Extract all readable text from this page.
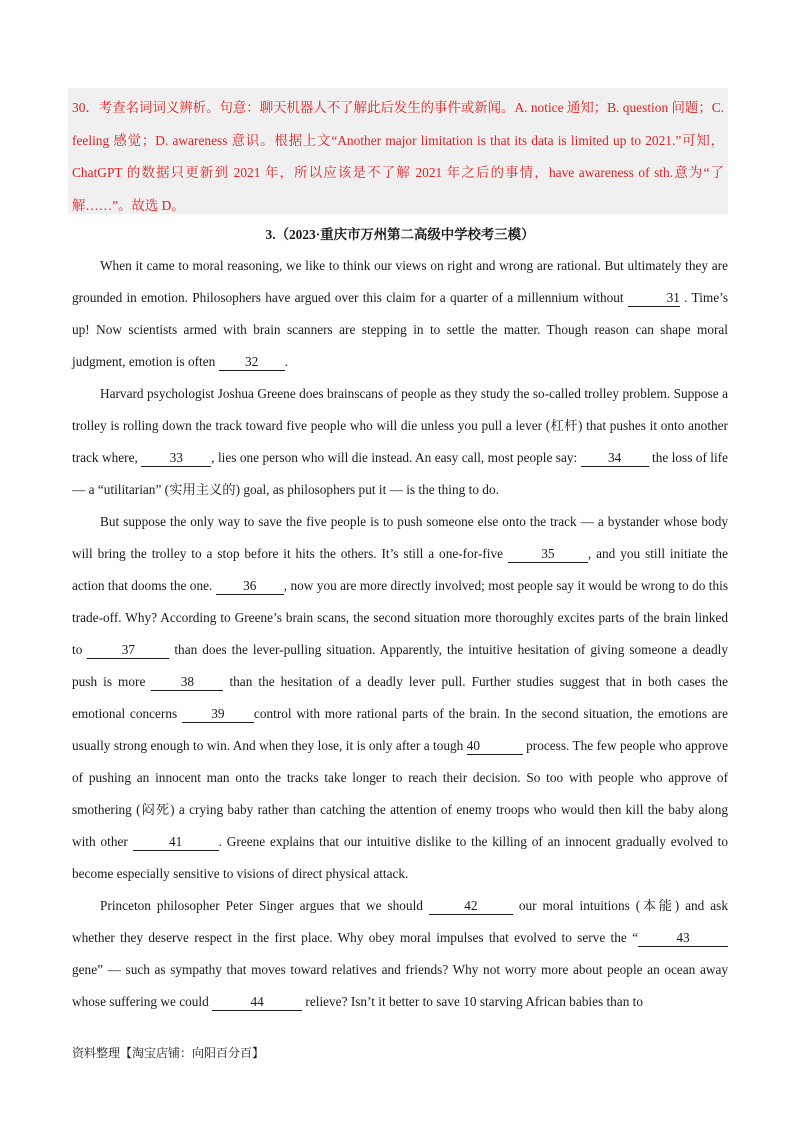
30．考查名词词义辨析。句意：聊天机器人不了解此后发生的事件或新闻。A. notice 通知；B. question 问题；C. feeling 感觉；D. awareness 意识。根据上文“Another major limitation is that its data is limited up to 2021.”可知，ChatGPT 的数据只更新到 2021 年，所以应该是不了解 2021 年之后的事情，have awareness of sth.意为“了解……”。故选 D。

3.（2023·重庆市万州第二高级中学校考三模）

When it came to moral reasoning, we like to think our views on right and wrong are rational. But ultimately they are grounded in emotion. Philosophers have argued over this claim for a quarter of a millennium without	31 . Time’s up! Now scientists armed with brain scanners are stepping in to settle the matter. Though reason can shape moral judgment, emotion is often 32 .

Harvard psychologist Joshua Greene does brainscans of people as they study the so-called trolley problem. Suppose a trolley is rolling down the track toward five people who will die unless you pull a lever (杠杆) that pushes it onto another track where, 33 , lies one person who will die instead. An easy call, most people say: 34 the loss of life — a “utilitarian” (实用主义的) goal, as philosophers put it — is the thing to do.

But suppose the only way to save the five people is to push someone else onto the track — a bystander whose body will bring the trolley to a stop before it hits the others. It’s still a one-for-five	35	, and you still initiate the action that dooms the one. 36 , now you are more directly involved; most people say it would be wrong to do this trade-off. Why? According to Greene’s brain scans, the second situation more thoroughly excites parts of the brain linked to	37	than does the lever-pulling situation. Apparently, the intuitive hesitation of giving someone a deadly push is more 38 than the hesitation of a deadly lever pull. Further studies suggest that in both cases the emotional concerns 39 control with more rational parts of the brain. In the second situation, the emotions are usually strong enough to win. And when they lose, it is only after a tough 40	process. The few people who approve of pushing an innocent man onto the tracks take longer to reach their decision. So too with people who approve of smothering (闷死) a crying baby rather than catching the attention of enemy troops who would then kill the baby along with other	41	. Greene explains that our intuitive dislike to the killing of an innocent gradually evolved to become especially sensitive to visions of direct physical attack.

Princeton philosopher Peter Singer argues that we should	42	our moral intuitions (本能) and ask whether they deserve respect in the first place. Why obey moral impulses that evolved to serve the “	43 gene” — such as sympathy that moves toward relatives and friends? Why not worry more about people an ocean away whose suffering we could	44	relieve? Isn’t it better to save 10 starving African babies than to

资料整理【淘宝店铺：向阳百分百】
